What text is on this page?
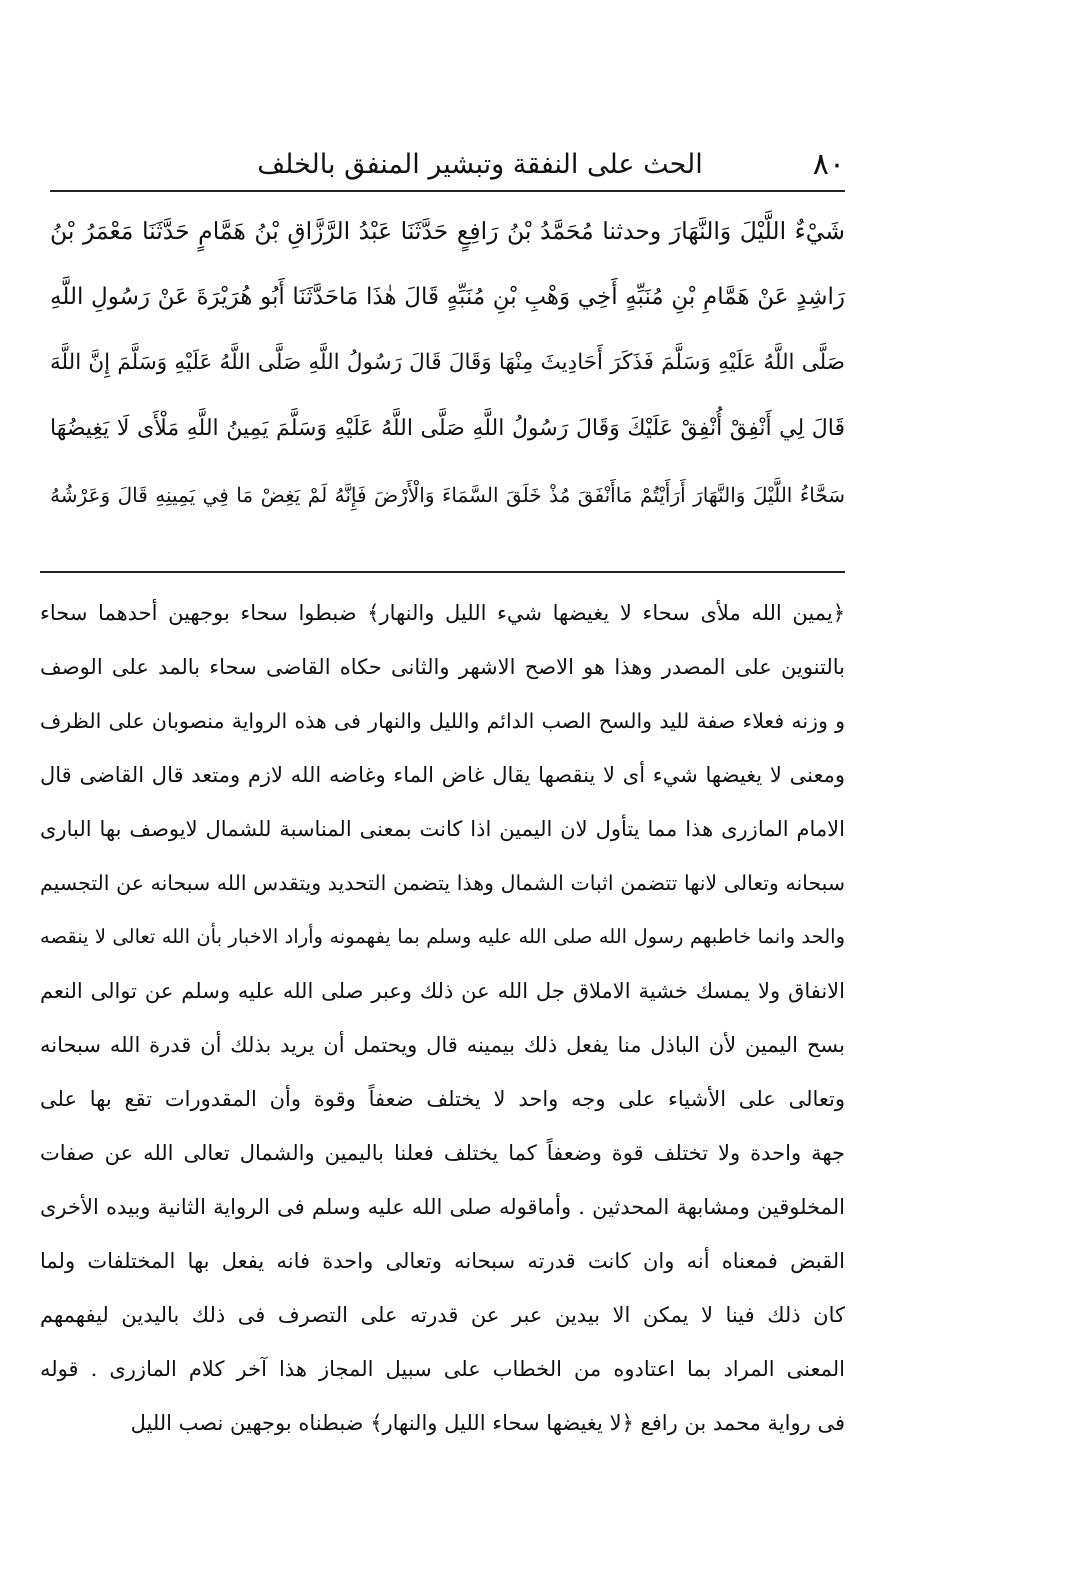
٨٠
الحث على النفقة وتبشير المنفق بالخلف
شَيْءٌ اللَّيْلَ وَالنَّهَارَ وحدثنا مُحَمَّدُ بْنُ رَافِعٍ حَدَّثَنَا عَبْدُ الرَّزَّاقِ بْنُ هَمَّامٍ حَدَّثَنَا مَعْمَرُ بْنُ
رَاشِدٍ عَنْ هَمَّامِ بْنِ مُنَبِّهٍ أَخِي وَهْبِ بْنِ مُنَبِّهٍ قَالَ هٰذَا مَاحَدَّثَنَا أَبُو هُرَيْرَةَ عَنْ رَسُولِ اللَّهِ
صَلَّى اللَّهُ عَلَيْهِ وَسَلَّمَ فَذَكَرَ أَحَادِيثَ مِنْهَا وَقَالَ قَالَ رَسُولُ اللَّهِ صَلَّى اللَّهُ عَلَيْهِ وَسَلَّمَ إِنَّ اللَّهَ
قَالَ لِي أَنْفِقْ أُنْفِقْ عَلَيْكَ وَقَالَ رَسُولُ اللَّهِ صَلَّى اللَّهُ عَلَيْهِ وَسَلَّمَ يَمِينُ اللَّهِ مَلْأَى لَا يَغِيضُهَا
سَحَّاءُ اللَّيْلَ وَالنَّهَارَ أَرَأَيْتُمْ مَاأَنْفَقَ مُذْ خَلَقَ السَّمَاءَ وَالْأَرْضَ فَإِنَّهُ لَمْ يَغِضْ مَا فِي يَمِينِهِ قَالَ وَعَرْشُهُ
﴿يمين الله ملأى سحاء لا يغيضها شيء الليل والنهار﴾ ضبطوا سحاء بوجهين أحدهما سحاء
بالتنوين على المصدر وهذا هو الاصح الاشهر والثانى حكاه القاضى سحاء بالمد على الوصف
و وزنه فعلاء صفة لليد والسح الصب الدائم والليل والنهار فى هذه الرواية منصوبان على الظرف
ومعنى لا يغيضها شيء أى لا ينقصها يقال غاض الماء وغاضه الله لازم ومتعد قال القاضى قال
الامام المازرى هذا مما يتأول لان اليمين اذا كانت بمعنى المناسبة للشمال لايوصف بها البارى
سبحانه وتعالى لانها تتضمن اثبات الشمال وهذا يتضمن التحديد ويتقدس الله سبحانه عن التجسيم
والحد وانما خاطبهم رسول الله صلى الله عليه وسلم بما يفهمونه وأراد الاخبار بأن الله تعالى لا ينقصه
الانفاق ولا يمسك خشية الاملاق جل الله عن ذلك وعبر صلى الله عليه وسلم عن توالى النعم
بسح اليمين لأن الباذل منا يفعل ذلك بيمينه قال ويحتمل أن يريد بذلك أن قدرة الله سبحانه
وتعالى على الأشياء على وجه واحد لا يختلف ضعفاً وقوة وأن المقدورات تقع بها على
جهة واحدة ولا تختلف قوة وضعفاً كما يختلف فعلنا باليمين والشمال تعالى الله عن صفات
المخلوقين ومشابهة المحدثين . وأماقوله صلى الله عليه وسلم فى الرواية الثانية وبيده الأخرى
القبض فمعناه أنه وان كانت قدرته سبحانه وتعالى واحدة فانه يفعل بها المختلفات ولما
كان ذلك فينا لا يمكن الا بيدين عبر عن قدرته على التصرف فى ذلك باليدين ليفهمهم
المعنى المراد بما اعتادوه من الخطاب على سبيل المجاز هذا آخر كلام المازرى . قوله
فى رواية محمد بن رافع ﴿لا يغيضها سحاء الليل والنهار﴾ ضبطناه بوجهين نصب الليل
